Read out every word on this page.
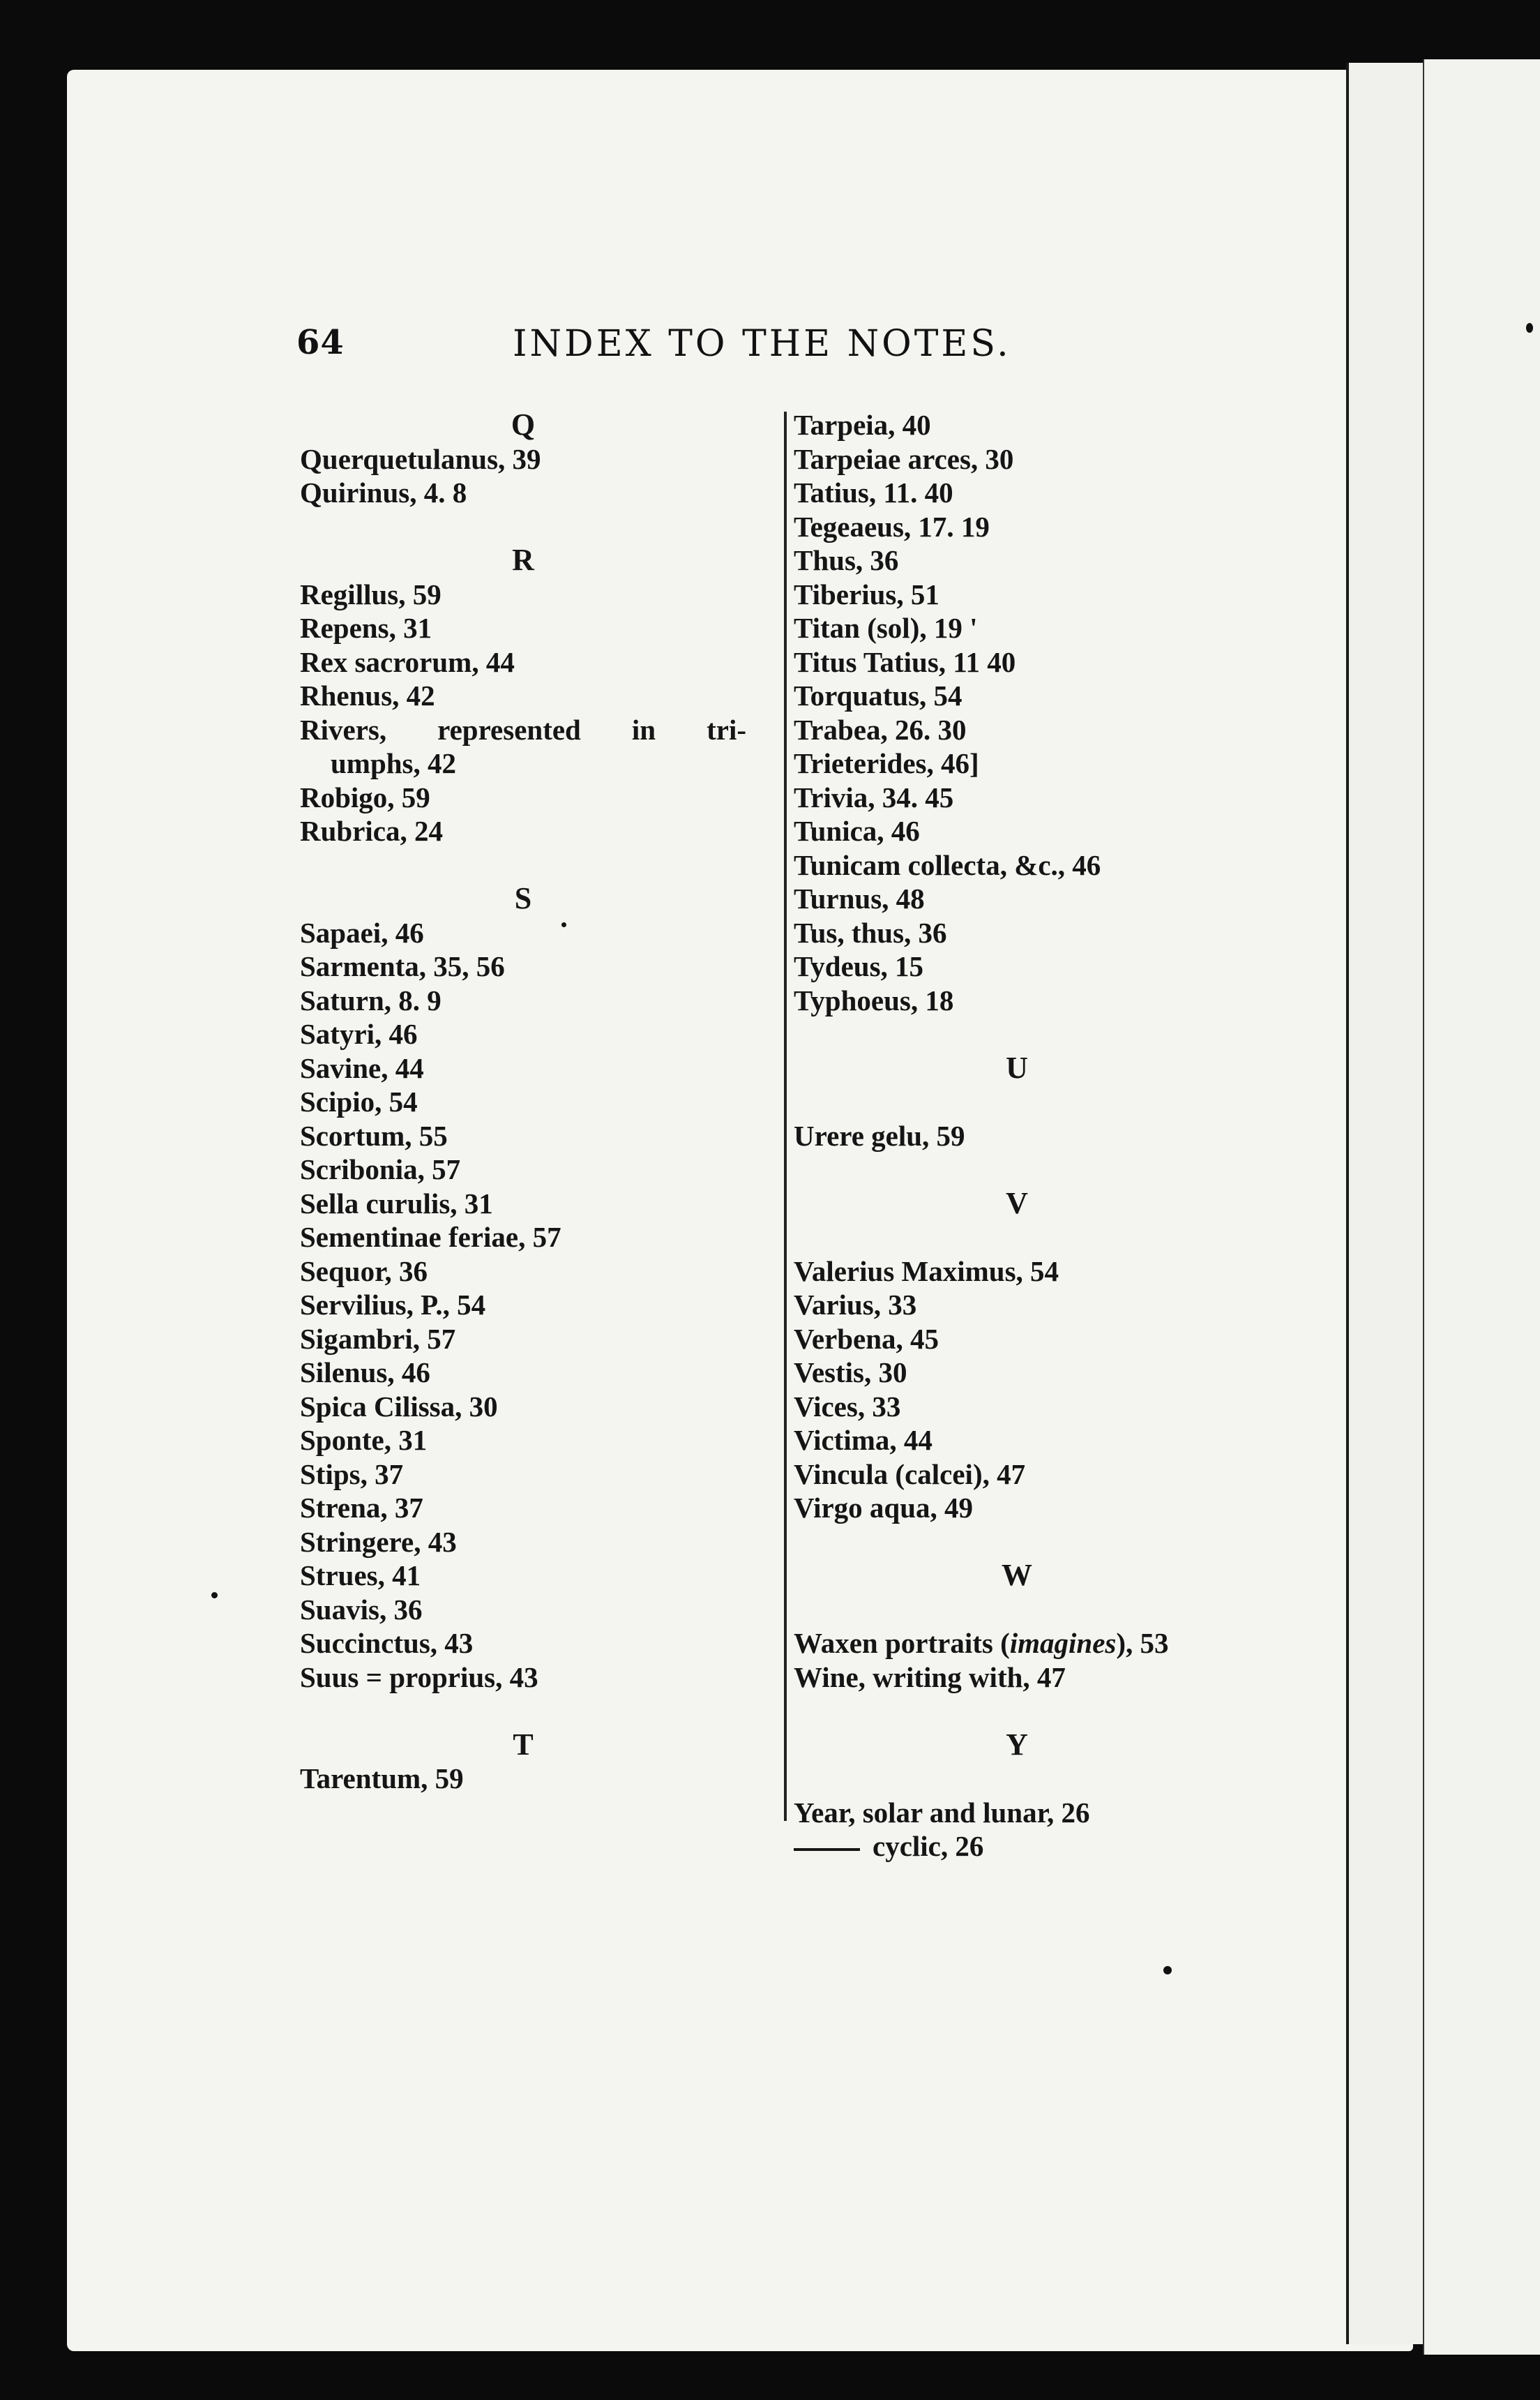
64	INDEX TO THE NOTES.
Q
Querquetulanus, 39
Quirinus, 4. 8
R
Regillus, 59
Repens, 31
Rex sacrorum, 44
Rhenus, 42
Rivers, represented in tri-
umphs, 42
Robigo, 59
Rubrica, 24
S
Sapaei, 46
Sarmenta, 35, 56
Saturn, 8. 9
Satyri, 46
Savine, 44
Scipio, 54
Scortum, 55
Scribonia, 57
Sella curulis, 31
Sementinae feriae, 57
Sequor, 36
Servilius, P., 54
Sigambri, 57
Silenus, 46
Spica Cilissa, 30
Sponte, 31
Stips, 37
Strena, 37
Stringere, 43
Strues, 41
Suavis, 36
Succinctus, 43
Suus = proprius, 43
T
Tarentum, 59
Tarpeia, 40
Tarpeiae arces, 30
Tatius, 11. 40
Tegeaeus, 17. 19
Thus, 36
Tiberius, 51
Titan (sol), 19 '
Titus Tatius, 11 40
Torquatus, 54
Trabea, 26. 30
Trieterides, 46]
Trivia, 34. 45
Tunica, 46
Tunicam collecta, &c., 46
Turnus, 48
Tus, thus, 36
Tydeus, 15
Typhoeus, 18
U
Urere gelu, 59
V
Valerius Maximus, 54
Varius, 33
Verbena, 45
Vestis, 30
Vices, 33
Victima, 44
Vincula (calcei), 47
Virgo aqua, 49
W
Waxen portraits (imagines), 53
Wine, writing with, 47
Y
Year, solar and lunar, 26
cyclic, 26
